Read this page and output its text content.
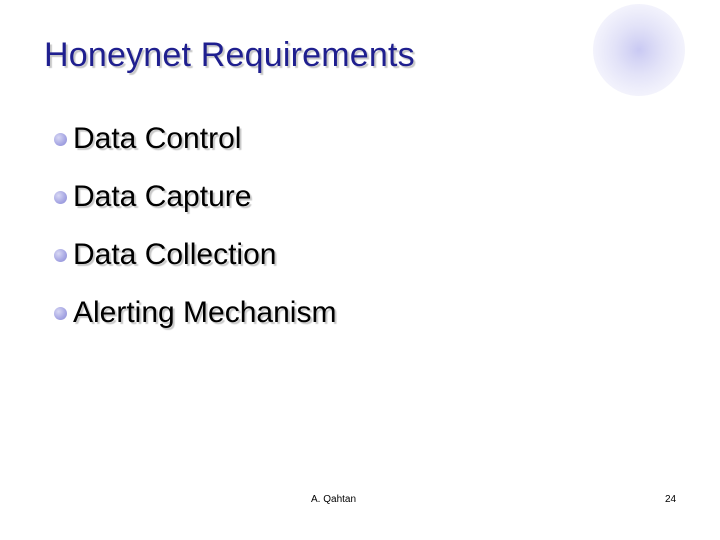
Honeynet Requirements
Data Control
Data Capture
Data Collection
Alerting Mechanism
A. Qahtan	24
